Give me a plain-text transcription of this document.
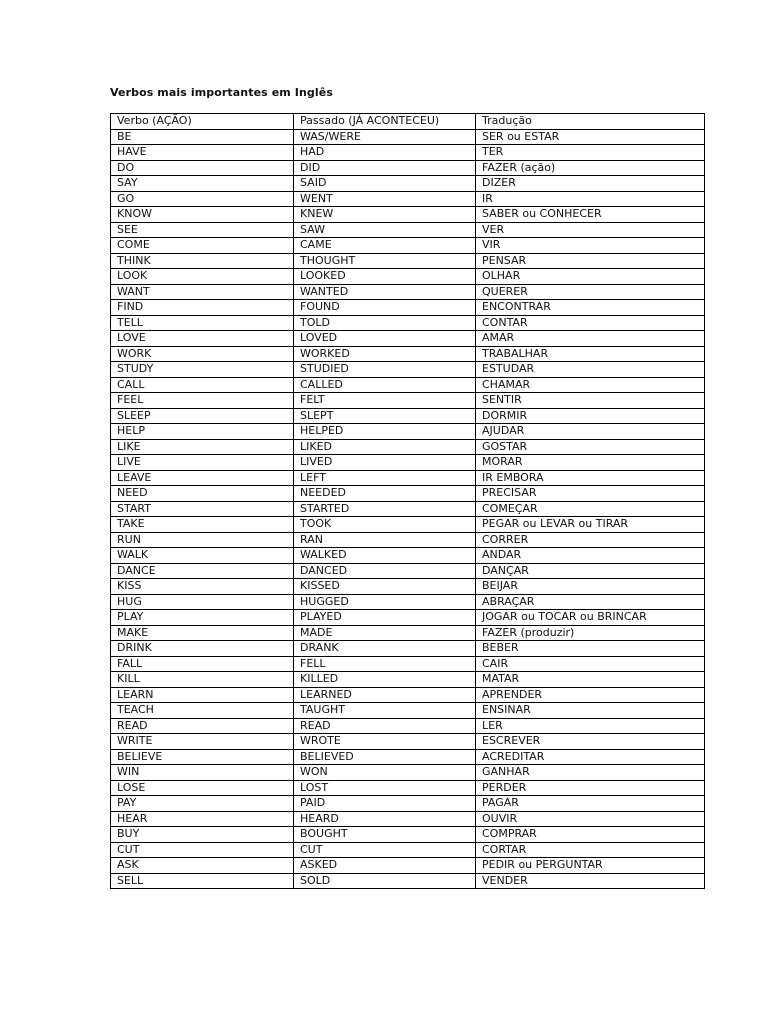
Verbos mais importantes em Inglês
Verbo (AÇÃO)	Passado (JÁ ACONTECEU)	Tradução
BE	WAS/WERE	SER ou ESTAR
HAVE	HAD	TER
DO	DID	FAZER (ação)
SAY	SAID	DIZER
GO	WENT	IR
KNOW	KNEW	SABER ou CONHECER
SEE	SAW	VER
COME	CAME	VIR
THINK	THOUGHT	PENSAR
LOOK	LOOKED	OLHAR
WANT	WANTED	QUERER
FIND	FOUND	ENCONTRAR
TELL	TOLD	CONTAR
LOVE	LOVED	AMAR
WORK	WORKED	TRABALHAR
STUDY	STUDIED	ESTUDAR
CALL	CALLED	CHAMAR
FEEL	FELT	SENTIR
SLEEP	SLEPT	DORMIR
HELP	HELPED	AJUDAR
LIKE	LIKED	GOSTAR
LIVE	LIVED	MORAR
LEAVE	LEFT	IR EMBORA
NEED	NEEDED	PRECISAR
START	STARTED	COMEÇAR
TAKE	TOOK	PEGAR ou LEVAR ou TIRAR
RUN	RAN	CORRER
WALK	WALKED	ANDAR
DANCE	DANCED	DANÇAR
KISS	KISSED	BEIJAR
HUG	HUGGED	ABRAÇAR
PLAY	PLAYED	JOGAR ou TOCAR ou BRINCAR
MAKE	MADE	FAZER (produzir)
DRINK	DRANK	BEBER
FALL	FELL	CAIR
KILL	KILLED	MATAR
LEARN	LEARNED	APRENDER
TEACH	TAUGHT	ENSINAR
READ	READ	LER
WRITE	WROTE	ESCREVER
BELIEVE	BELIEVED	ACREDITAR
WIN	WON	GANHAR
LOSE	LOST	PERDER
PAY	PAID	PAGAR
HEAR	HEARD	OUVIR
BUY	BOUGHT	COMPRAR
CUT	CUT	CORTAR
ASK	ASKED	PEDIR ou PERGUNTAR
SELL	SOLD	VENDER
